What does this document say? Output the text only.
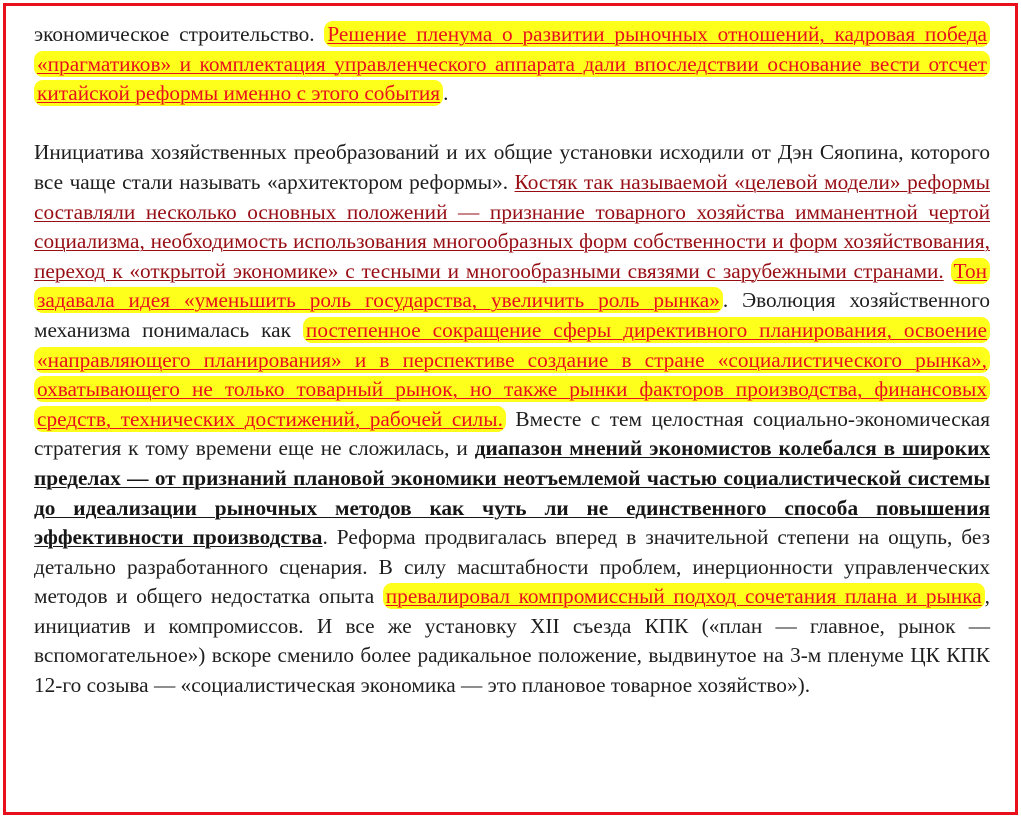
экономическое строительство. Решение пленума о развитии рыночных отношений, кадровая победа «прагматиков» и комплектация управленческого аппарата дали впоследствии основание вести отсчет китайской реформы именно с этого события .

Инициатива хозяйственных преобразований и их общие установки исходили от Дэн Сяопина, которого все чаще стали называть «архитектором реформы». Костяк так называемой «целевой модели» реформы составляли несколько основных положений — признание товарного хозяйства имманентной чертой социализма, необходимость использования многообразных форм собственности и форм хозяйствования, переход к «открытой экономике» с тесными и многообразными связями с зарубежными странами. Тон задавала идея «уменьшить роль государства, увеличить роль рынка» . Эволюция хозяйственного механизма понималась как постепенное сокращение сферы директивного планирования, освоение «направляющего планирования» и в перспективе создание в стране «социалистического рынка», охватывающего не только товарный рынок, но также рынки факторов производства, финансовых средств, технических достижений, рабочей силы. Вместе с тем целостная социально-экономическая стратегия к тому времени еще не сложилась, и диапазон мнений экономистов колебался в широких пределах — от признаний плановой экономики неотъемлемой частью социалистической системы до идеализации рыночных методов как чуть ли не единственного способа повышения эффективности производства. Реформа продвигалась вперед в значительной степени на ощупь, без детально разработанного сценария. В силу масштабности проблем, инерционности управленческих методов и общего недостатка опыта превалировал компромиссный подход сочетания плана и рынка , инициатив и компромиссов. И все же установку XII съезда КПК («план — главное, рынок — вспомогательное») вскоре сменило более радикальное положение, выдвинутое на 3-м пленуме ЦК КПК 12-го созыва — «социалистическая экономика — это плановое товарное хозяйство»).
